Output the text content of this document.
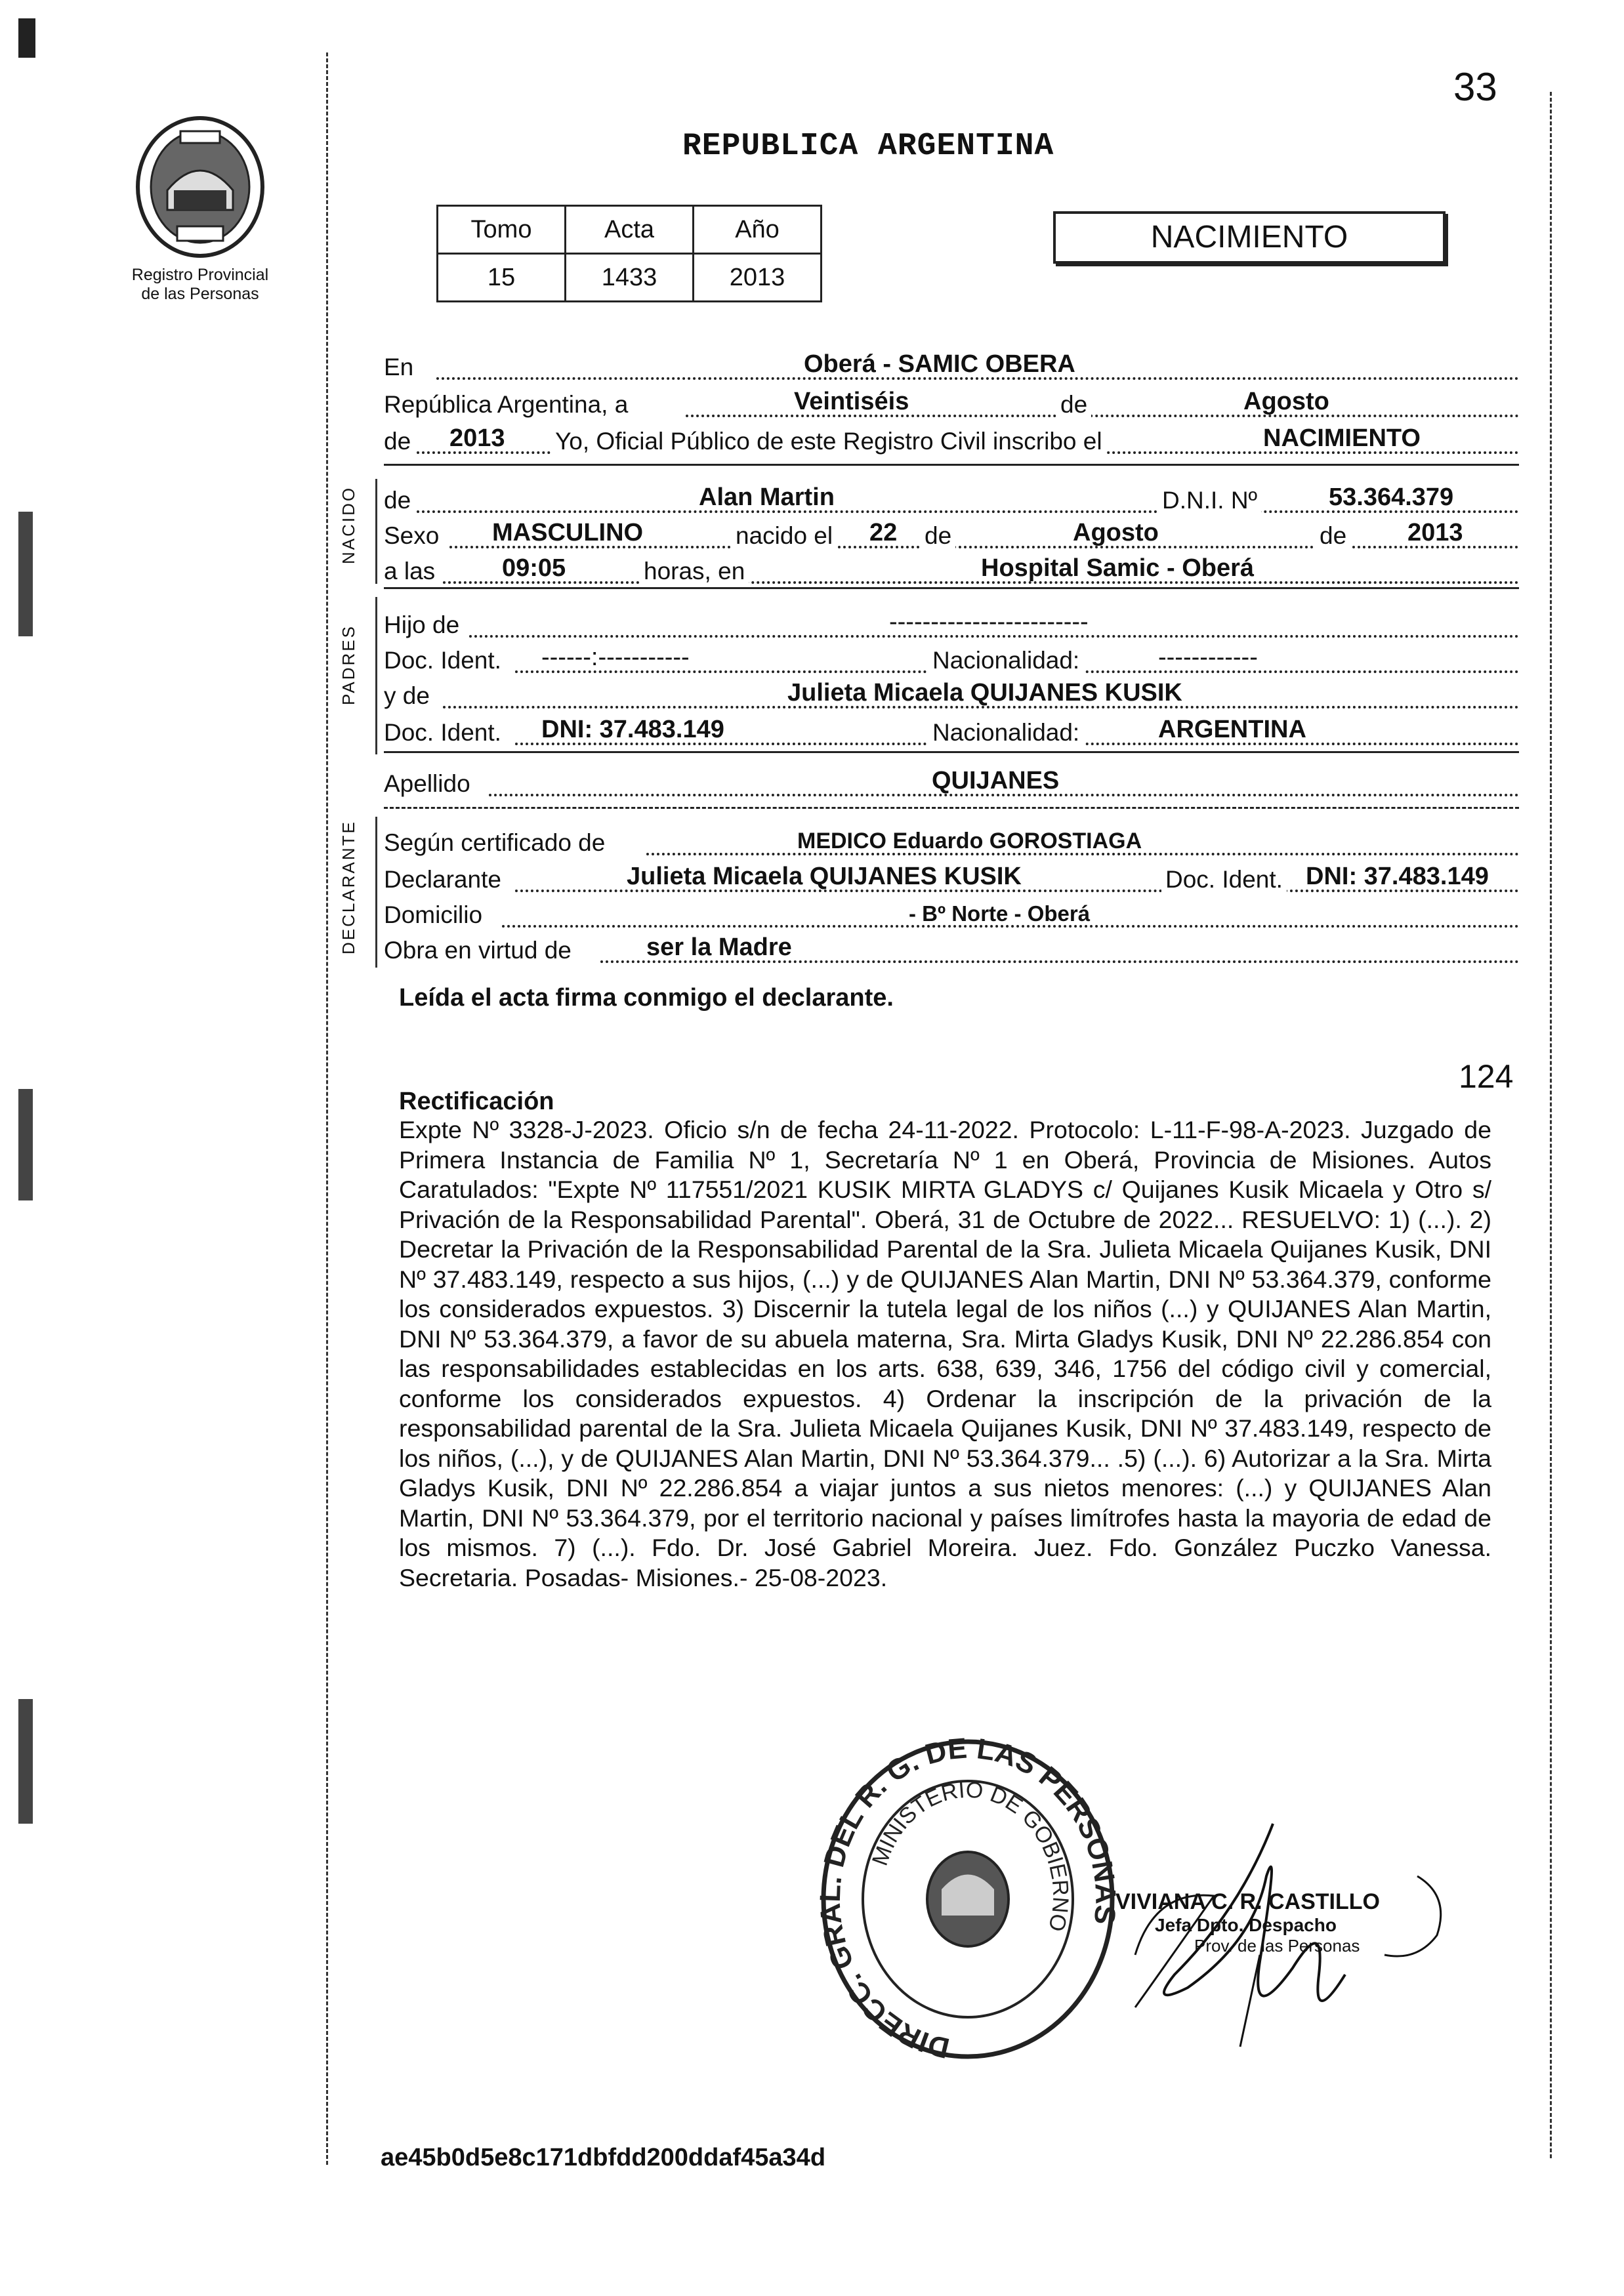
33
Registro Provincial
de las Personas
REPUBLICA ARGENTINA
Tomo	Acta	Año
15	1433	2013
NACIMIENTO
NACIDO
PADRES
DECLARANTE
En	Oberá - SAMIC OBERA
República Argentina, a	Veintiséis	de	Agosto
de 2013 Yo, Oficial Público de este Registro Civil inscribo el	NACIMIENTO
de	Alan Martin	D.N.I. Nº	53.364.379
Sexo MASCULINO	nacido el 22 de	Agosto	de 2013
a las	09:05	horas, en	Hospital Samic - Oberá
Hijo de	------------------------
Doc. Ident. ------:-----------	Nacionalidad:	------------
y de	Julieta Micaela QUIJANES KUSIK
Doc. Ident. DNI: 37.483.149	Nacionalidad:	ARGENTINA
Apellido	QUIJANES
Según certificado de	MEDICO Eduardo GOROSTIAGA
Declarante	Julieta Micaela QUIJANES KUSIK	Doc. Ident. DNI: 37.483.149
Domicilio	- Bº Norte - Oberá
Obra en virtud de	ser la Madre
Leída el acta firma conmigo el declarante.
124
Rectificación
Expte Nº 3328-J-2023. Oficio s/n de fecha 24-11-2022. Protocolo: L-11-F-98-A-2023. Juzgado de Primera Instancia de Familia Nº 1, Secretaría Nº 1 en Oberá, Provincia de Misiones. Autos Caratulados: "Expte Nº 117551/2021 KUSIK MIRTA GLADYS c/ Quijanes Kusik Micaela y Otro s/ Privación de la Responsabilidad Parental". Oberá, 31 de Octubre de 2022... RESUELVO: 1) (...). 2) Decretar la Privación de la Responsabilidad Parental de la Sra. Julieta Micaela Quijanes Kusik, DNI Nº 37.483.149, respecto a sus hijos, (...) y de QUIJANES Alan Martin, DNI Nº 53.364.379, conforme los considerados expuestos. 3) Discernir la tutela legal de los niños (...) y QUIJANES Alan Martin, DNI Nº 53.364.379, a favor de su abuela materna, Sra. Mirta Gladys Kusik, DNI Nº 22.286.854 con las responsabilidades establecidas en los arts. 638, 639, 346, 1756 del código civil y comercial, conforme los considerados expuestos. 4) Ordenar la inscripción de la privación de la responsabilidad parental de la Sra. Julieta Micaela Quijanes Kusik, DNI Nº 37.483.149, respecto de los niños, (...), y de QUIJANES Alan Martin, DNI Nº 53.364.379... .5) (...). 6) Autorizar a la Sra. Mirta Gladys Kusik, DNI Nº 22.286.854 a viajar juntos a sus nietos menores: (...) y QUIJANES Alan Martin, DNI Nº 53.364.379, por el territorio nacional y países limítrofes hasta la mayoria de edad de los mismos. 7) (...). Fdo. Dr. José Gabriel Moreira. Juez. Fdo. González Puczko Vanessa. Secretaria. Posadas- Misiones.- 25-08-2023.
DIRECC. GRAL. DEL R. G. DE LAS PERSONAS
MINISTERIO DE GOBIERNO
VIVIANA C. R. CASTILLO
Jefa Dpto. Despacho
Prov. de las Personas
ae45b0d5e8c171dbfdd200ddaf45a34d
